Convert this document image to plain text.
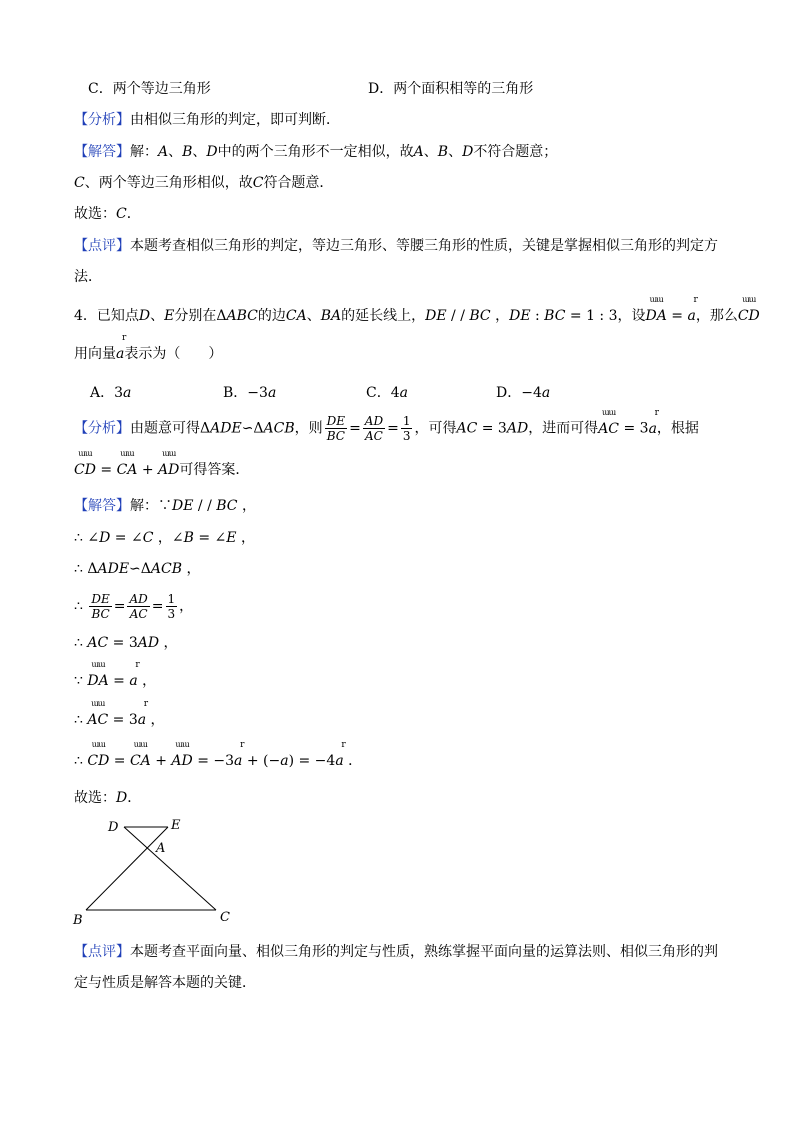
C．两个等边三角形	D．两个面积相等的三角形
【分析】由相似三角形的判定，即可判断．
【解答】解：A、B、D中的两个三角形不一定相似，故A、B、D不符合题意；
C、两个等边三角形相似，故C符合题意．
故选：C．
【点评】本题考查相似三角形的判定，等边三角形、等腰三角形的性质，关键是掌握相似三角形的判定方
法．
4．已知点D、E分别在ΔABC的边CA、BA的延长线上，DE / / BC ，DE : BC = 1 : 3，设DA
ɯɯ
= a
r
，那么CD
ɯɯ
用向量a
r
表示为（　　）
A．3a	B．−3a	C．4a	D．−4a
【分析】由题意可得ΔADE∽ΔACB，则 $\frac{DE}{BC} = \frac{AD}{AC} = \frac{1}{3}$ ，可得AC = 3AD，进而可得AC
ɯɯ
= 3a
r
，根据
CD
ɯɯ
= CA
ɯɯ
+ AD
ɯɯ
可得答案．
【解答】解：∵DE / / BC ，
∴ ∠D = ∠C ，∠B = ∠E ，
∴ ΔADE∽ΔACB ，
∴ $\frac{DE}{BC} = \frac{AD}{AC} = \frac{1}{3}$ ，
∴ AC = 3AD ，
∵ DA
ɯɯ
= a
r
，
∴ AC
ɯɯ
= 3a
r
，
∴ CD
ɯɯ
= CA
ɯɯ
+ AD
ɯɯ
= −3a
r
+ (−a) = −4a
r
．
故选：D．
D	E
A
B	C
【点评】本题考查平面向量、相似三角形的判定与性质，熟练掌握平面向量的运算法则、相似三角形的判
定与性质是解答本题的关键．
